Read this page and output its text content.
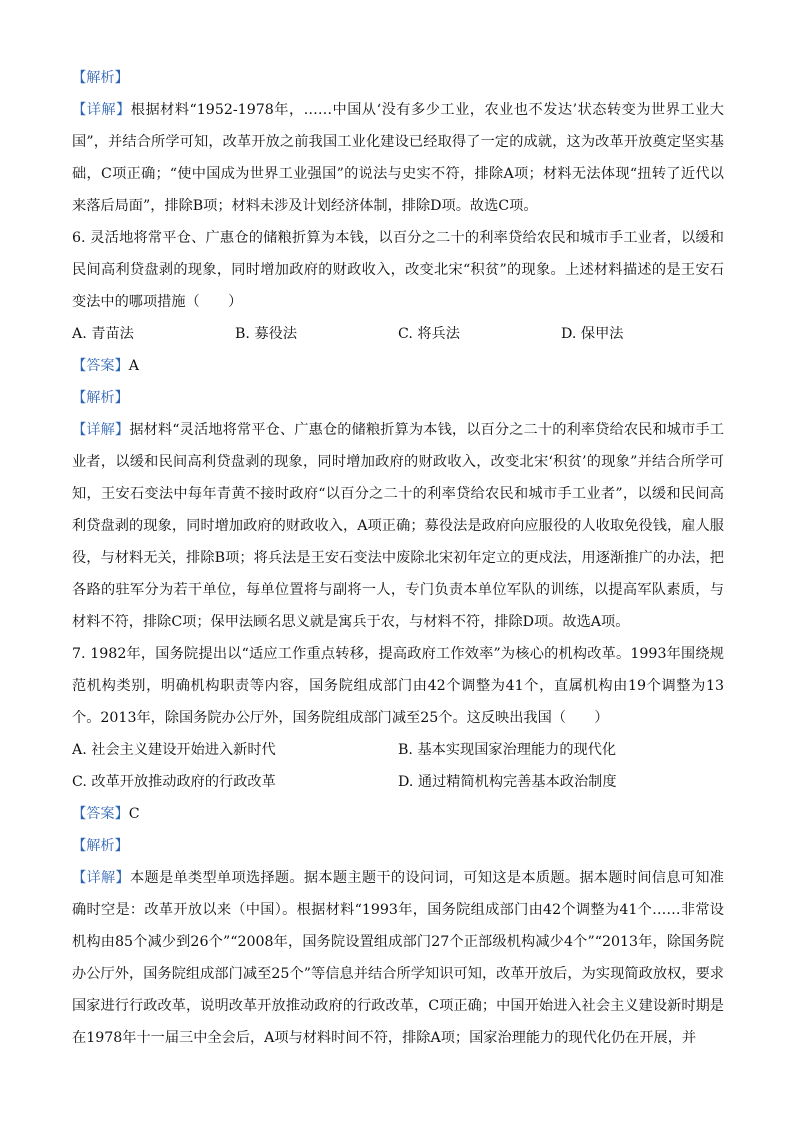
【解析】

【详解】根据材料“1952-1978年，……中国从‘没有多少工业，农业也不发达’状态转变为世界工业大国”，并结合所学可知，改革开放之前我国工业化建设已经取得了一定的成就，这为改革开放奠定坚实基础，C项正确；“使中国成为世界工业强国”的说法与史实不符，排除A项；材料无法体现“扭转了近代以来落后局面”，排除B项；材料未涉及计划经济体制，排除D项。故选C项。

6. 灵活地将常平仓、广惠仓的储粮折算为本钱，以百分之二十的利率贷给农民和城市手工业者，以缓和民间高利贷盘剥的现象，同时增加政府的财政收入，改变北宋“积贫”的现象。上述材料描述的是王安石变法中的哪项措施（　　）

A. 青苗法	B. 募役法	C. 将兵法	D. 保甲法

【答案】A

【解析】

【详解】据材料“灵活地将常平仓、广惠仓的储粮折算为本钱，以百分之二十的利率贷给农民和城市手工业者，以缓和民间高利贷盘剥的现象，同时增加政府的财政收入，改变北宋‘积贫’的现象”并结合所学可知，王安石变法中每年青黄不接时政府“以百分之二十的利率贷给农民和城市手工业者”，以缓和民间高利贷盘剥的现象，同时增加政府的财政收入，A项正确；募役法是政府向应服役的人收取免役钱，雇人服役，与材料无关，排除B项；将兵法是王安石变法中废除北宋初年定立的更戍法，用逐渐推广的办法，把各路的驻军分为若干单位，每单位置将与副将一人，专门负责本单位军队的训练，以提高军队素质，与材料不符，排除C项；保甲法顾名思义就是寓兵于农，与材料不符，排除D项。故选A项。

7. 1982年，国务院提出以“适应工作重点转移，提高政府工作效率”为核心的机构改革。1993年围绕规范机构类别，明确机构职责等内容，国务院组成部门由42个调整为41个，直属机构由19个调整为13个。2013年，除国务院办公厅外，国务院组成部门减至25个。这反映出我国（　　）

A. 社会主义建设开始进入新时代	B. 基本实现国家治理能力的现代化
C. 改革开放推动政府的行政改革	D. 通过精简机构完善基本政治制度

【答案】C

【解析】

【详解】本题是单类型单项选择题。据本题主题干的设问词，可知这是本质题。据本题时间信息可知准确时空是：改革开放以来（中国）。根据材料“1993年，国务院组成部门由42个调整为41个……非常设机构由85个减少到26个”“2008年，国务院设置组成部门27个正部级机构减少4个”“2013年，除国务院办公厅外，国务院组成部门减至25个”等信息并结合所学知识可知，改革开放后，为实现简政放权，要求国家进行行政改革，说明改革开放推动政府的行政改革，C项正确；中国开始进入社会主义建设新时期是在1978年十一届三中全会后，A项与材料时间不符，排除A项；国家治理能力的现代化仍在开展，并
